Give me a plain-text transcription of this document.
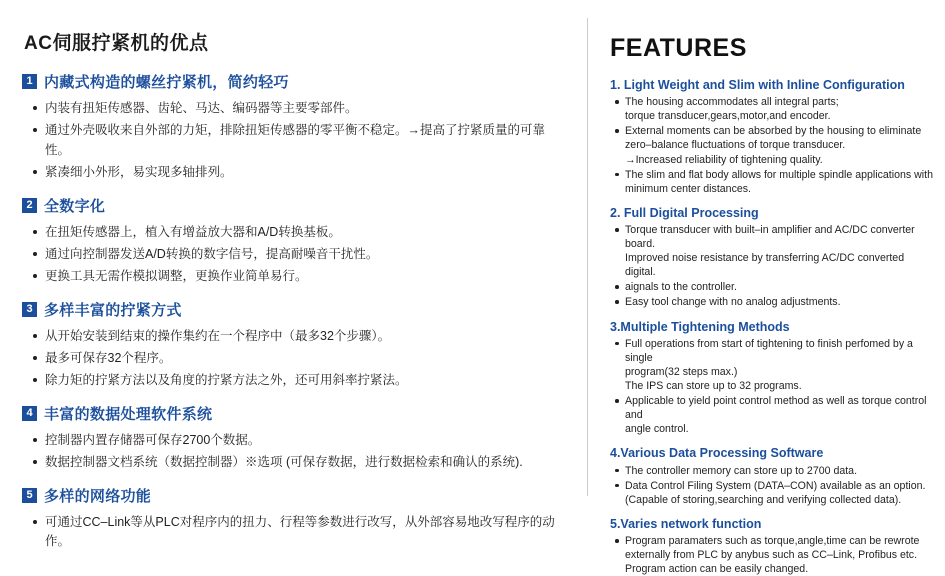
AC伺服拧紧机的优点
1 内藏式构造的螺丝拧紧机，简约轻巧
内装有扭矩传感器、齿轮、马达、编码器等主要零部件。
通过外壳吸收来自外部的力矩，排除扭矩传感器的零平衡不稳定。→提高了拧紧质量的可靠性。
紧凑细小外形，易实现多轴排列。
2 全数字化
在扭矩传感器上，植入有增益放大器和A/D转换基板。
通过向控制器发送A/D转换的数字信号，提高耐噪音干扰性。
更换工具无需作模拟调整，更换作业简单易行。
3 多样丰富的拧紧方式
从开始安装到结束的操作集约在一个程序中（最多32个步骤）。
最多可保存32个程序。
除力矩的拧紧方法以及角度的拧紧方法之外，还可用斜率拧紧法。
4 丰富的数据处理软件系统
控制器内置存储器可保存2700个数据。
数据控制器文档系统（数据控制器）※选项 (可保存数据，进行数据检索和确认的系统).
5 多样的网络功能
可通过CC–Link等从PLC对程序内的扭力、行程等参数进行改写，从外部容易地改写程序的动作。
FEATURES
1. Light Weight and Slim with Inline Configuration
The housing accommodates all integral parts;
torque transducer,gears,motor,and encoder.
External moments can be absorbed by the housing to eliminate
zero–balance fluctuations of torque transducer.
→Increased reliability of tightening quality.
The slim and flat body allows for multiple spindle applications with
minimum center distances.
2. Full Digital Processing
Torque transducer with built–in amplifier and AC/DC converter board.
Improved noise resistance by transferring AC/DC converted digital.
aignals to the controller.
Easy tool change with no analog adjustments.
3.Multiple Tightening Methods
Full operations from start of tightening to finish perfomed by a single
program(32 steps max.)
The IPS can store up to 32 programs.
Applicable to yield point control method as well as torque control and
angle control.
4.Various Data Processing Software
The controller memory can store up to 2700 data.
Data Control Filing System (DATA–CON) available as an option.
(Capable of storing,searching and verifying collected data).
5.Varies network function
Program paramaters such as torque,angle,time can be rewrote
externally from PLC by anybus such as CC–Link, Profibus etc.
Program action can be easily changed.
